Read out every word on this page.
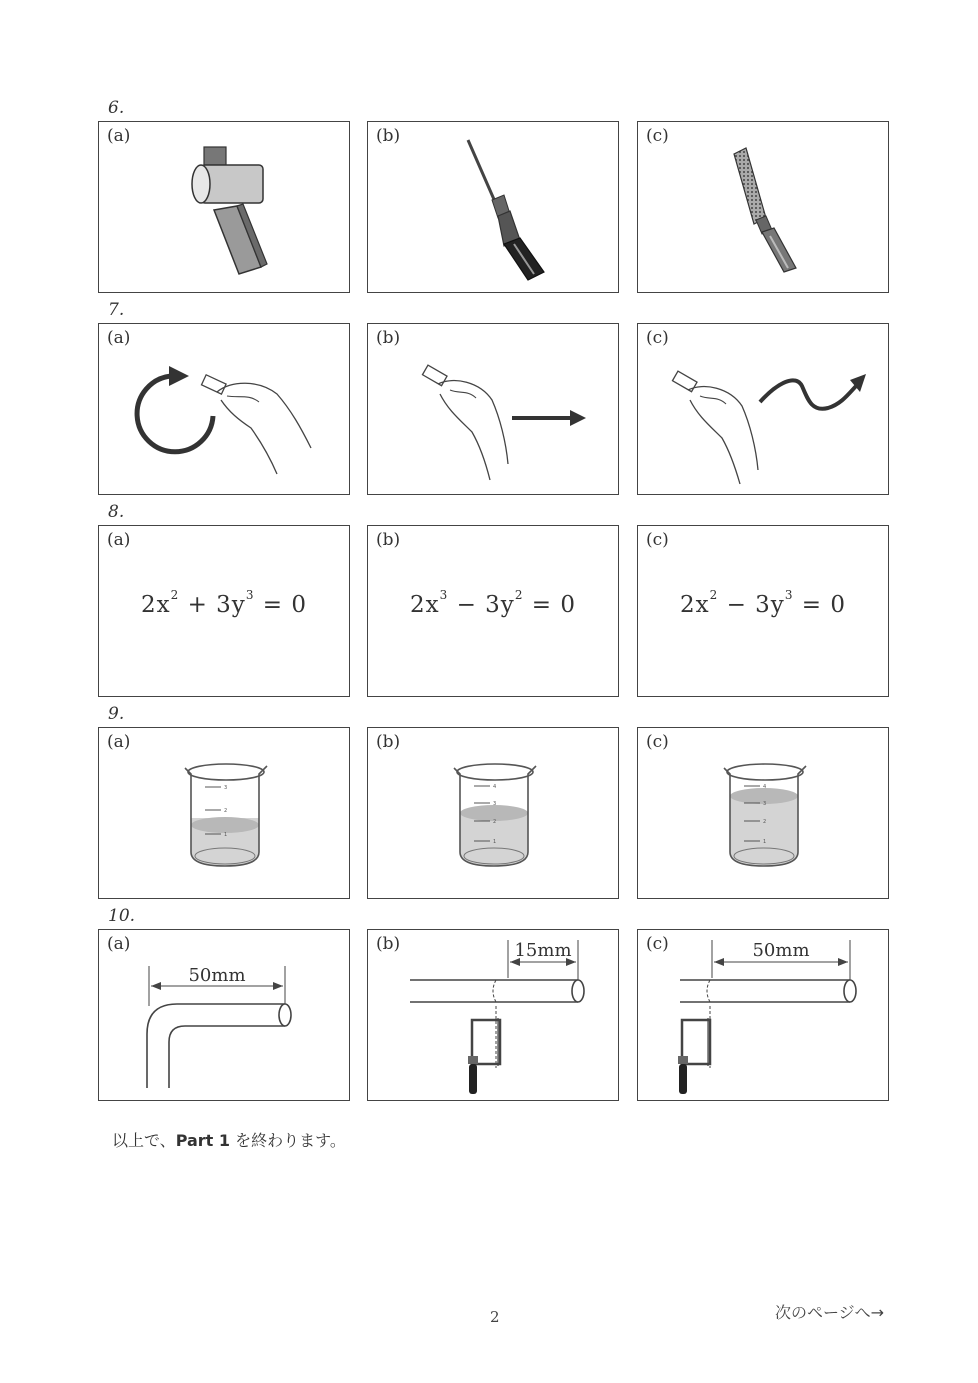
6.
(a)	(b)	(c)
7.
(a)	(b)	(c)
8.
(a)
$2x^2 + 3y^3 = 0$
(b)
$2x^3 - 3y^2 = 0$
(c)
$2x^2 - 3y^3 = 0$
9.
(a)
3
2
1
(b)
4
3
2
1
(c)
4
3
2
1
10.
(a)
50mm
(b)	15mm	(c)	50mm
以上で、Part 1 を終わります。
2	次のページへ→
